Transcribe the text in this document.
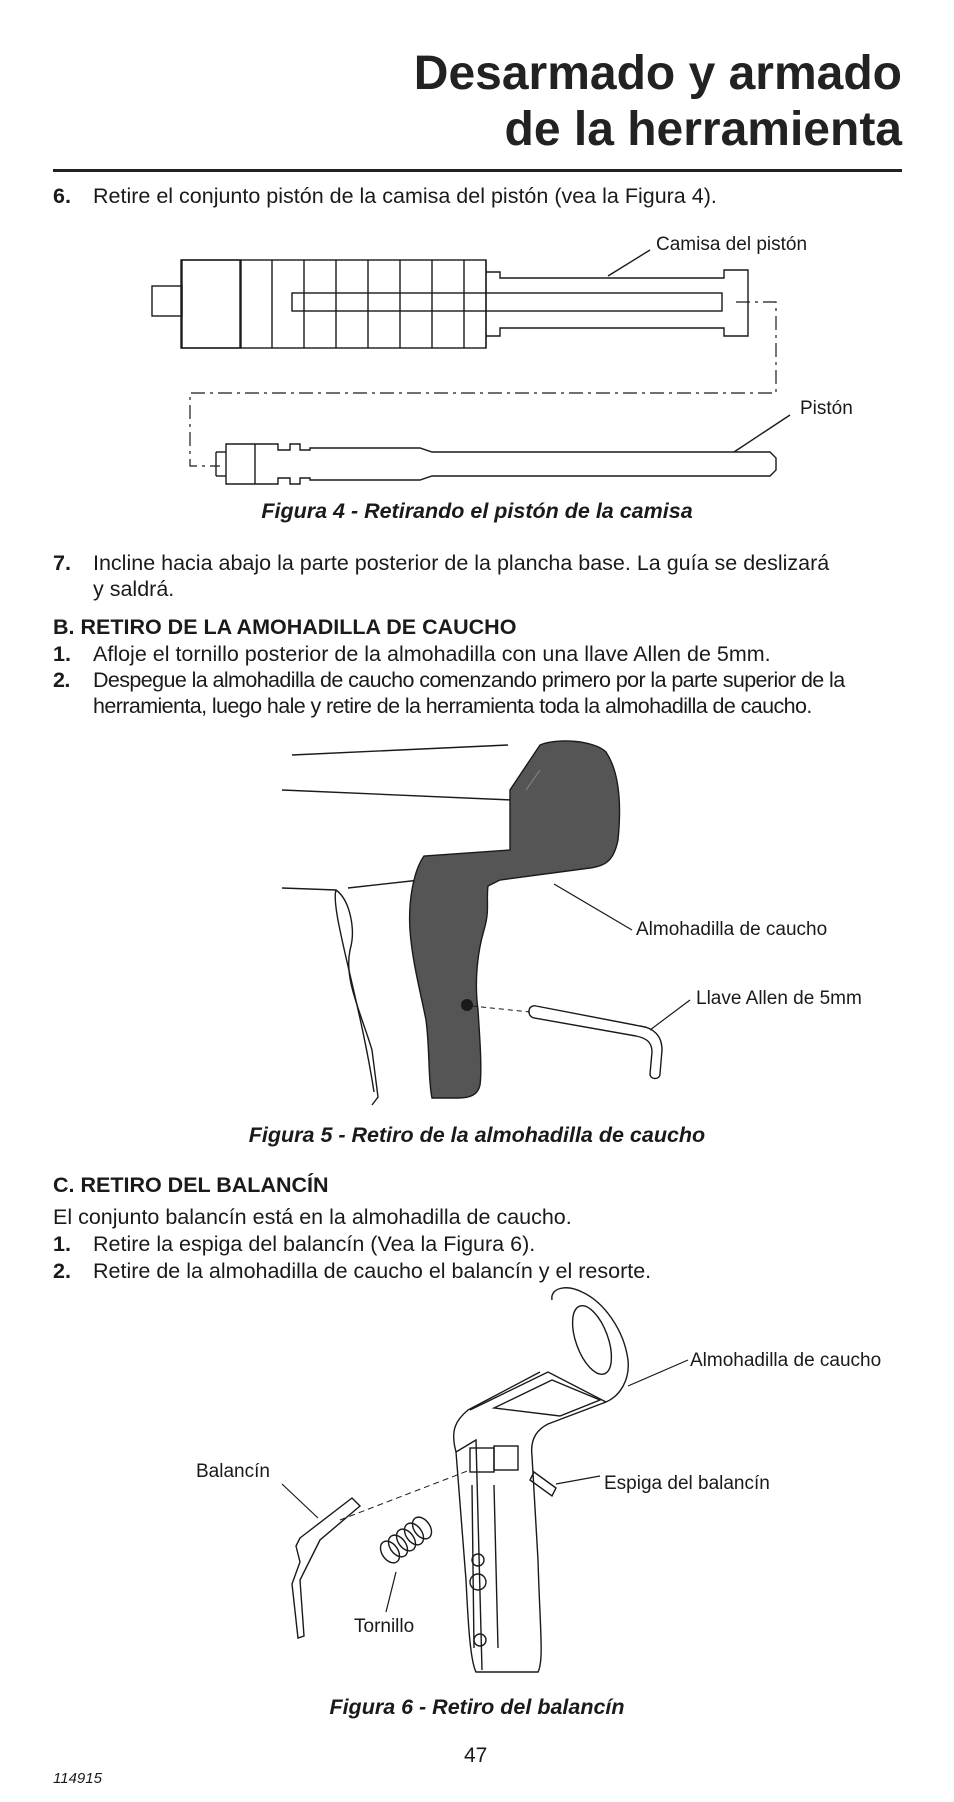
Desarmado y armado
de la herramienta
6. Retire el conjunto pistón de la camisa del pistón (vea la Figura 4).
Camisa del pistón
Pistón
Figura 4 - Retirando el pistón de la camisa
7. Incline hacia abajo la parte posterior de la plancha base. La guía se deslizará
y saldrá.
B. RETIRO DE LA AMOHADILLA DE CAUCHO
1. Afloje el tornillo posterior de la almohadilla con una llave Allen de 5mm.
2. Despegue la almohadilla de caucho comenzando primero por la parte superior de la
herramienta, luego hale y retire de la herramienta toda la almohadilla de caucho.
Almohadilla de caucho
Llave Allen de 5mm
Figura 5 - Retiro de la almohadilla de caucho
C. RETIRO DEL BALANCÍN
El conjunto balancín está en la almohadilla de caucho.
1. Retire la espiga del balancín (Vea la Figura 6).
2. Retire de la almohadilla de caucho el balancín y el resorte.
Almohadilla de caucho
Balancín
Espiga del balancín
Tornillo
Figura 6 - Retiro del balancín
114915
47
